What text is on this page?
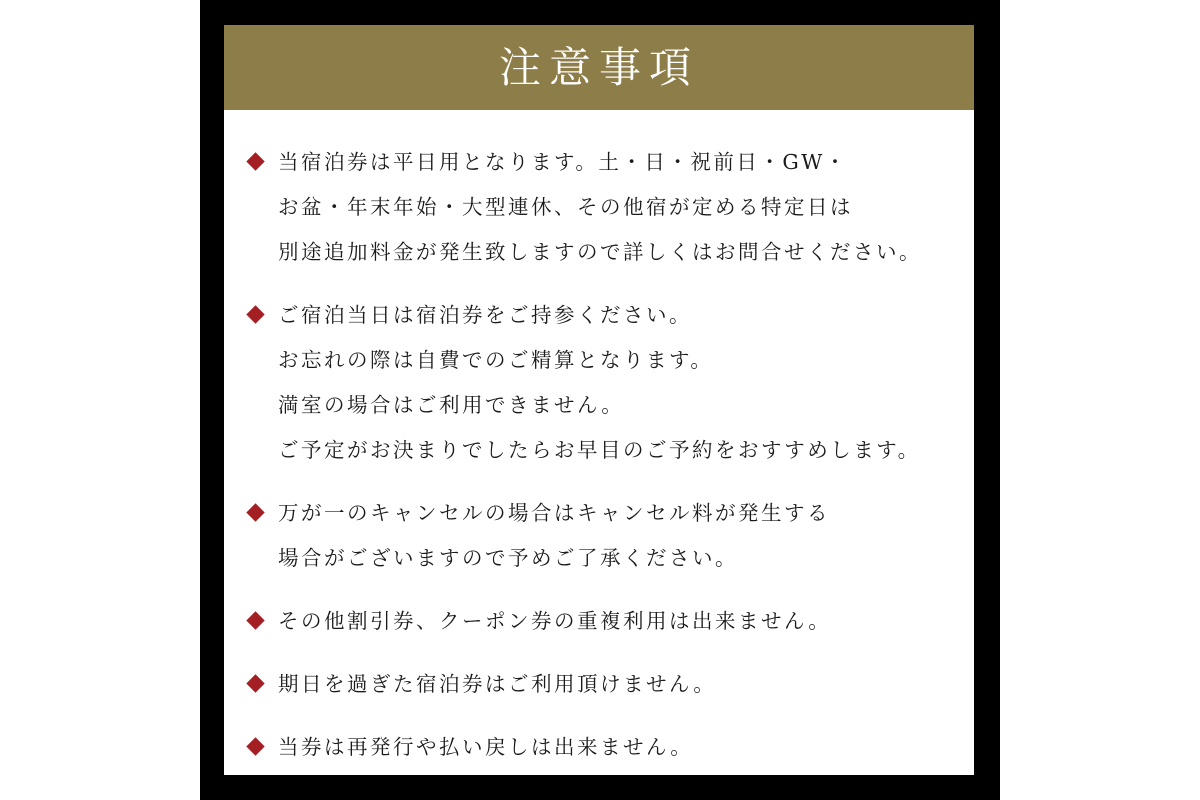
注意事項
当宿泊券は平日用となります。土・日・祝前日・GW・
お盆・年末年始・大型連休、その他宿が定める特定日は
別途追加料金が発生致しますので詳しくはお問合せください。
ご宿泊当日は宿泊券をご持参ください。
お忘れの際は自費でのご精算となります。
満室の場合はご利用できません。
ご予定がお決まりでしたらお早目のご予約をおすすめします。
万が一のキャンセルの場合はキャンセル料が発生する
場合がございますので予めご了承ください。
その他割引券、クーポン券の重複利用は出来ません。
期日を過ぎた宿泊券はご利用頂けません。
当券は再発行や払い戻しは出来ません。
